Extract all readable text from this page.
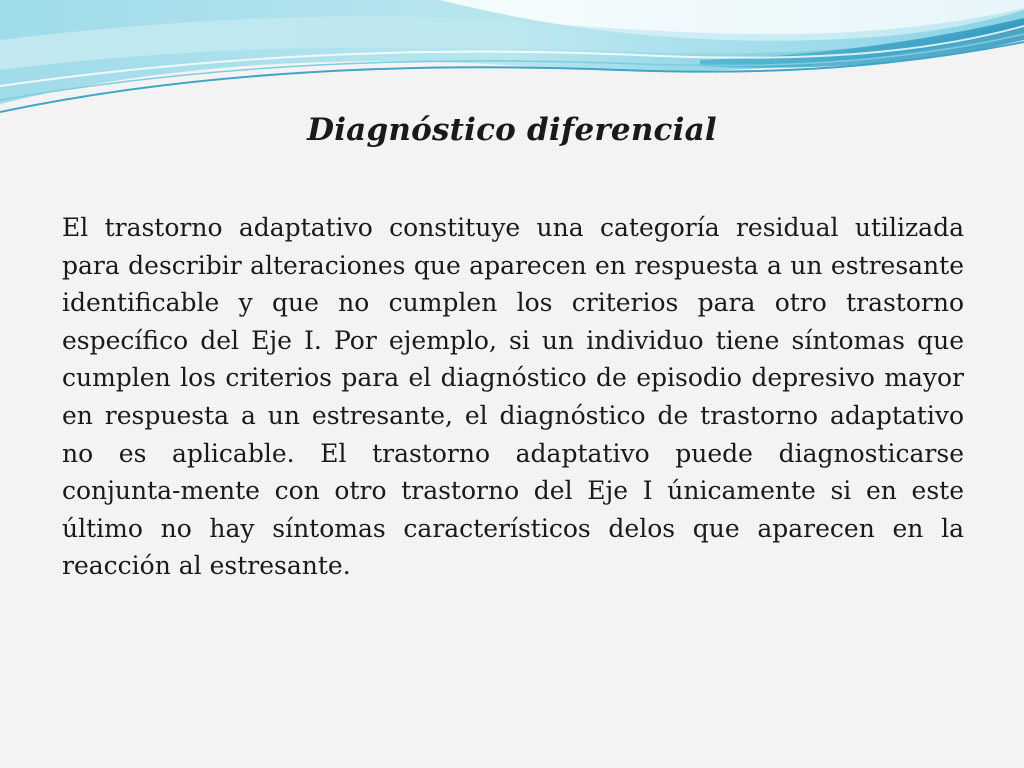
Diagnóstico diferencial

El trastorno adaptativo constituye una categoría residual utilizada para describir alteraciones que aparecen en respuesta a un estresante identificable y que no cumplen los criterios para otro trastorno específico del Eje I. Por ejemplo, si un individuo tiene síntomas que cumplen los criterios para el diagnóstico de episodio depresivo mayor en respuesta a un estresante, el diagnóstico de trastorno adaptativo no es aplicable. El trastorno adaptativo puede diagnosticarse conjunta-mente con otro trastorno del Eje I únicamente si en este último no hay síntomas característicos delos que aparecen en la reacción al estresante.
